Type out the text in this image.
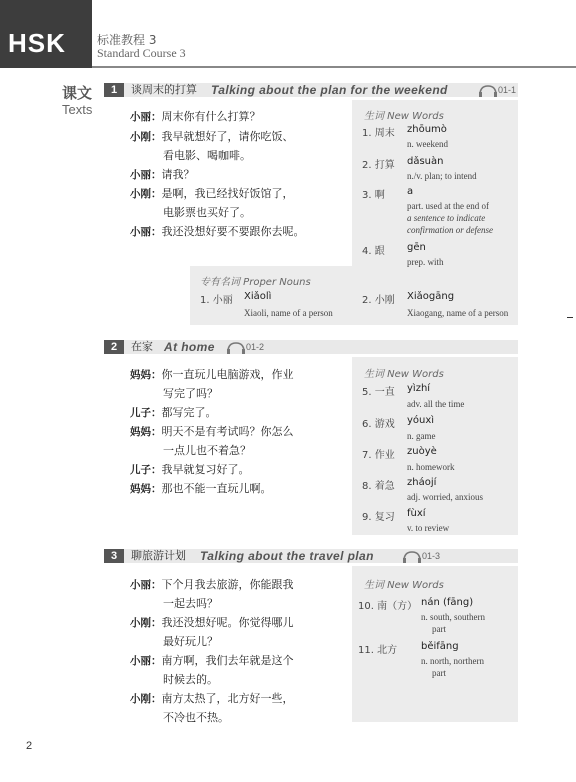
HSK	标准教程 3
Standard Course 3
课文
Texts
1	谈周末的打算 Talking about the plan for the weekend	01-1
生词 New Words
1. 周末 zhōumò
n. weekend
2. 打算 dǎsuàn
n./v. plan; to intend
3. 啊 a
part. used at the end of
a sentence to indicate
confirmation or defense
4. 跟 gēn
prep. with
专有名词 Proper Nouns
1. 小丽 Xiǎolì
Xiaoli, name of a person
2. 小刚 Xiǎogāng
Xiaogang, name of a person
小丽：周末你有什么打算？
小刚：我早就想好了，请你吃饭、
看电影、喝咖啡。
小丽：请我？
小刚：是啊，我已经找好饭馆了，
电影票也买好了。
小丽：我还没想好要不要跟你去呢。
2	在家 At home	01-2
生词 New Words
5. 一直 yìzhí
adv. all the time
6. 游戏 yóuxì
n. game
7. 作业 zuòyè
n. homework
8. 着急 zháojí
adj. worried, anxious
9. 复习 fùxí
v. to review
妈妈：你一直玩儿电脑游戏，作业
写完了吗？
儿子：都写完了。
妈妈：明天不是有考试吗？你怎么
一点儿也不着急？
儿子：我早就复习好了。
妈妈：那也不能一直玩儿啊。
3	聊旅游计划 Talking about the travel plan	01-3
生词 New Words
10. 南（方） nán (fāng)
n. south, southern
part
11. 北方 běifāng
n. north, northern
part
小丽：下个月我去旅游，你能跟我
一起去吗？
小刚：我还没想好呢。你觉得哪儿
最好玩儿？
小丽：南方啊，我们去年就是这个
时候去的。
小刚：南方太热了，北方好一些，
不冷也不热。
2
